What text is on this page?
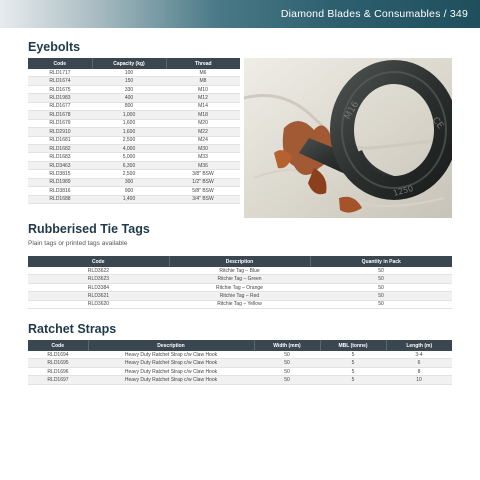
Diamond Blades & Consumables / 349
Eyebolts
Code	Capacity (kg)	Thread
RLD1717	100	M6
RLD1674	150	M8
RLD1675	330	M10
RLD1983	400	M12
RLD1677	800	M14
RLD1678	1,000	M18
RLD1679	1,600	M20
RLD2910	1,600	M22
RLD1681	2,500	M24
RLD1682	4,000	M30
RLD1683	5,000	M33
RLD3463	6,300	M36
RLD3815	2,500	3/8" BSW
RLD1989	300	1/2" BSW
RLD3816	900	5/8" BSW
RLD1688	1,400	3/4" BSW
M16
CE
1250
Rubberised Tie Tags
Plain tags or printed tags available
Code	Description	Quantity in Pack
RLD3622	Ritchie Tag – Blue	50
RLD3623	Ritchie Tag – Green	50
RLD3384	Ritchie Tag – Orange	50
RLD3621	Ritchie Tag – Red	50
RLD3620	Ritchie Tag – Yellow	50
Ratchet Straps
Code	Description	Width (mm)	MBL (tonne)	Length (m)
RLD1694	Heavy Duty Ratchet Strap c/w Claw Hook	50	5	3-4
RLD1695	Heavy Duty Ratchet Strap c/w Claw Hook	50	5	6
RLD1696	Heavy Duty Ratchet Strap c/w Claw Hook	50	5	8
RLD1697	Heavy Duty Ratchet Strap c/w Claw Hook	50	5	10
